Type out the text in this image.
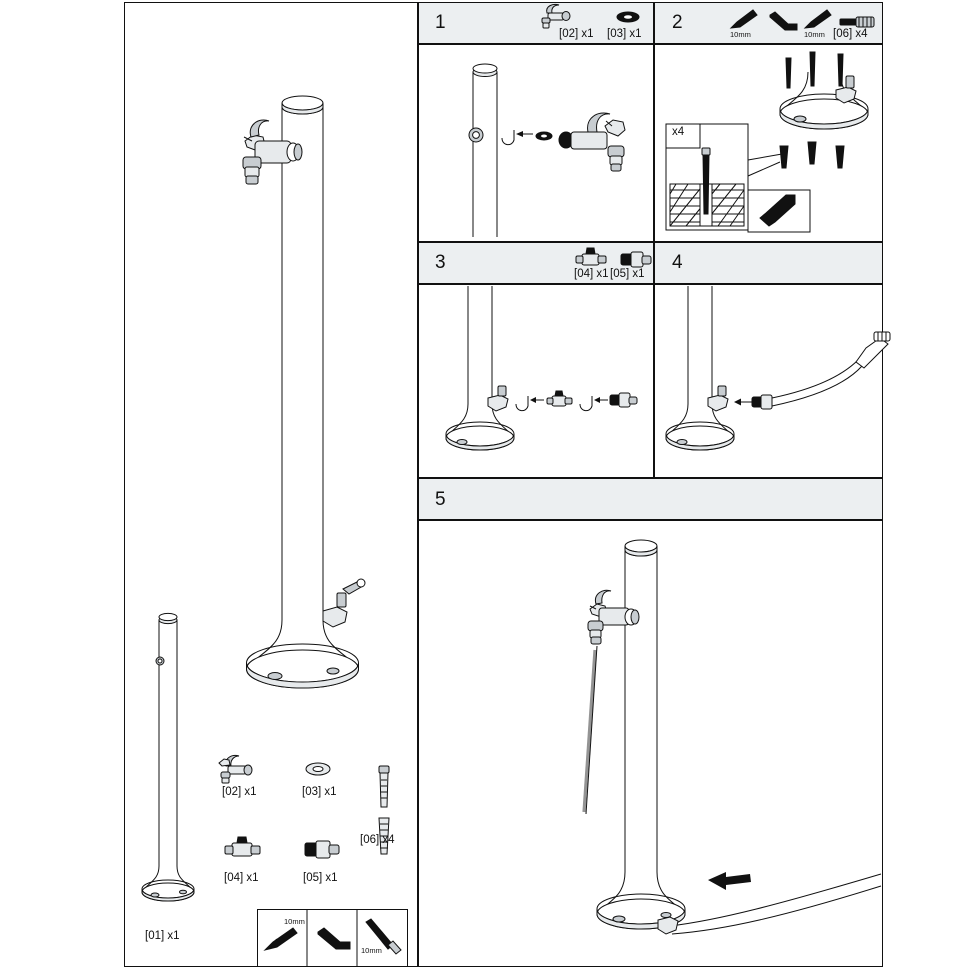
[02] x1	[03] x1
[06] x4
[04] x1	[05] x1
[01] x1
10mm
10mm
1
[02] x1 [03] x1
2
10mm	10mm [06] x4
x4
3
[04] x1 [05] x1
4
5
